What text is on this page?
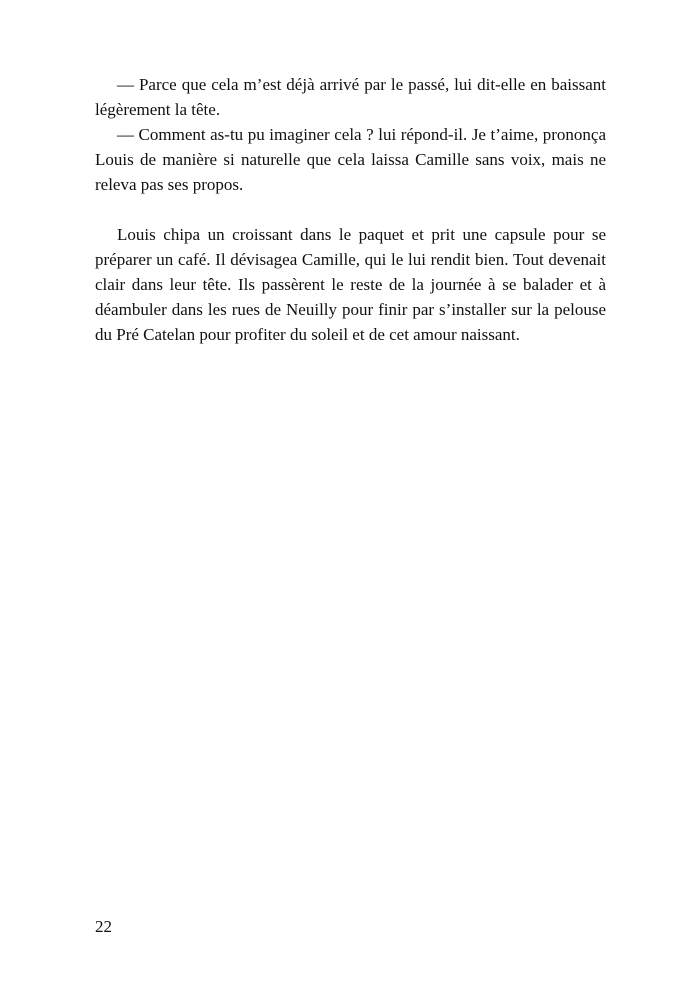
— Parce que cela m’est déjà arrivé par le passé, lui dit-elle en baissant légèrement la tête.

— Comment as-tu pu imaginer cela ? lui répond-il. Je t’aime, prononça Louis de manière si naturelle que cela laissa Camille sans voix, mais ne releva pas ses propos.

Louis chipa un croissant dans le paquet et prit une capsule pour se préparer un café. Il dévisagea Camille, qui le lui rendit bien. Tout devenait clair dans leur tête. Ils passèrent le reste de la journée à se balader et à déambuler dans les rues de Neuilly pour finir par s’installer sur la pelouse du Pré Catelan pour profiter du soleil et de cet amour naissant.

22
